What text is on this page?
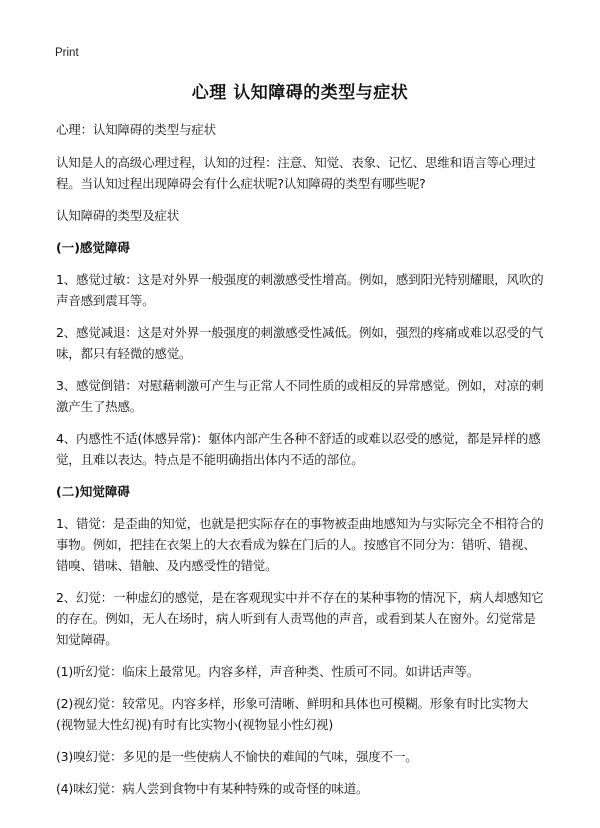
Print
心理 认知障碍的类型与症状

心理：认知障碍的类型与症状

认知是人的高级心理过程，认知的过程：注意、知觉、表象、记忆、思维和语言等心理过程。当认知过程出现障碍会有什么症状呢?认知障碍的类型有哪些呢?

认知障碍的类型及症状

(一)感觉障碍

1、感觉过敏：这是对外界一般强度的刺激感受性增高。例如，感到阳光特别耀眼，风吹的声音感到震耳等。

2、感觉减退：这是对外界一般强度的刺激感受性减低。例如，强烈的疼痛或难以忍受的气味，都只有轻微的感觉。

3、感觉倒错：对慰藉刺激可产生与正常人不同性质的或相反的异常感觉。例如，对凉的刺激产生了热感。

4、内感性不适(体感异常)：躯体内部产生各种不舒适的或难以忍受的感觉，都是异样的感觉，且难以表达。特点是不能明确指出体内不适的部位。

(二)知觉障碍

1、错觉：是歪曲的知觉，也就是把实际存在的事物被歪曲地感知为与实际完全不相符合的事物。例如，把挂在衣架上的大衣看成为躲在门后的人。按感官不同分为：错听、错视、错嗅、错味、错触、及内感受性的错觉。

2、幻觉：一种虚幻的感觉，是在客观现实中并不存在的某种事物的情况下，病人却感知它的存在。例如，无人在场时，病人听到有人责骂他的声音，或看到某人在窗外。幻觉常是知觉障碍。

(1)听幻觉：临床上最常见。内容多样，声音种类、性质可不同。如讲话声等。

(2)视幻觉：较常见。内容多样，形象可清晰、鲜明和具体也可模糊。形象有时比实物大(视物显大性幻视)有时有比实物小(视物显小性幻视)

(3)嗅幻觉：多见的是一些使病人不愉快的难闻的气味，强度不一。

(4)味幻觉：病人尝到食物中有某种特殊的或奇怪的味道。
